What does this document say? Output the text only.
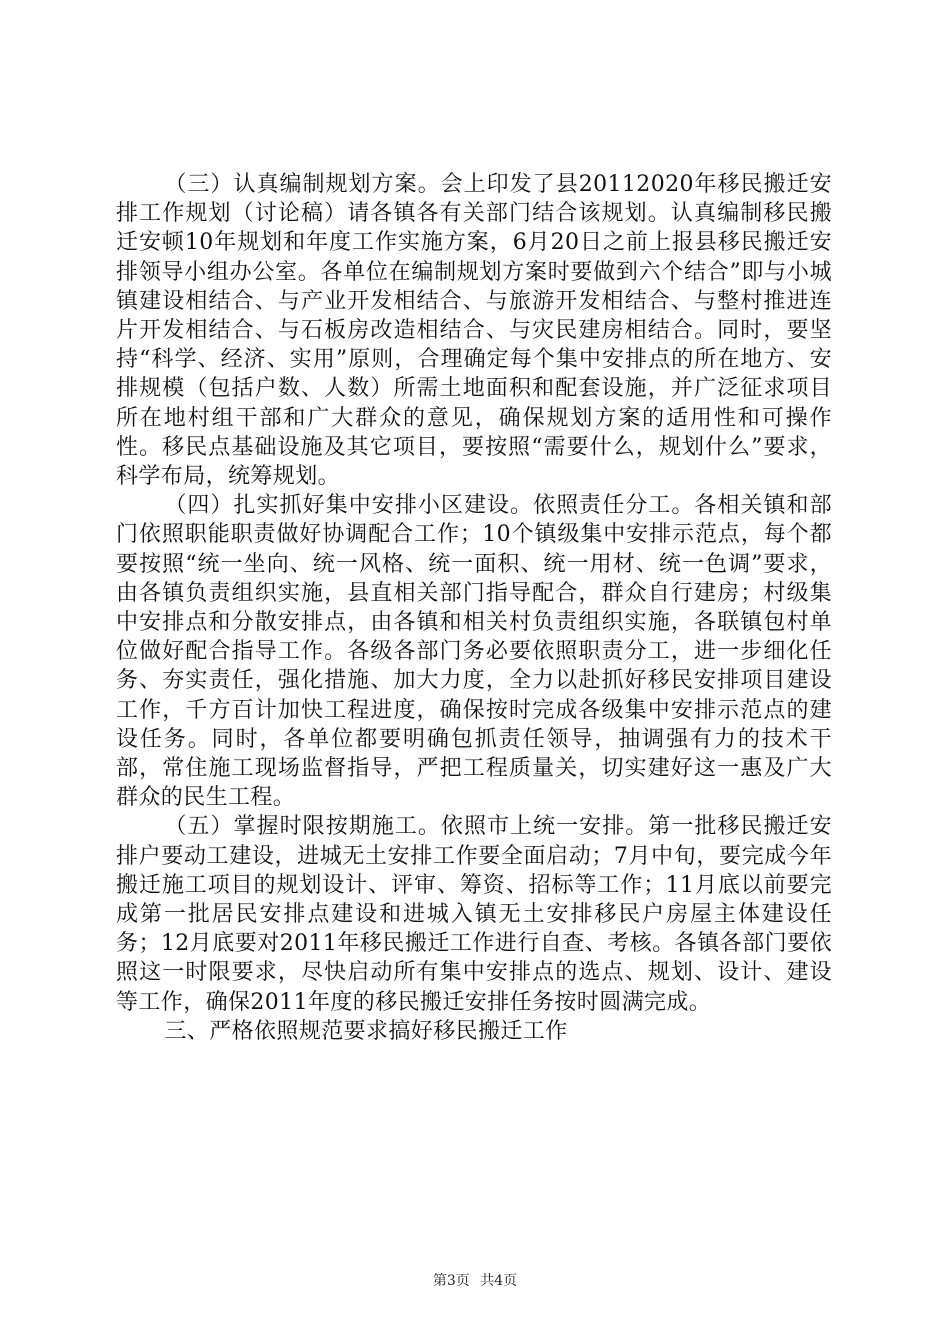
（三）认真编制规划方案。会上印发了县20112020年移民搬迁安排工作规划（讨论稿）请各镇各有关部门结合该规划。认真编制移民搬迁安顿10年规划和年度工作实施方案，6月20日之前上报县移民搬迁安排领导小组办公室。各单位在编制规划方案时要做到六个结合”即与小城镇建设相结合、与产业开发相结合、与旅游开发相结合、与整村推进连片开发相结合、与石板房改造相结合、与灾民建房相结合。同时，要坚持“科学、经济、实用”原则，合理确定每个集中安排点的所在地方、安排规模（包括户数、人数）所需土地面积和配套设施，并广泛征求项目所在地村组干部和广大群众的意见，确保规划方案的适用性和可操作性。移民点基础设施及其它项目，要按照“需要什么，规划什么”要求，科学布局，统筹规划。

（四）扎实抓好集中安排小区建设。依照责任分工。各相关镇和部门依照职能职责做好协调配合工作；10个镇级集中安排示范点，每个都要按照“统一坐向、统一风格、统一面积、统一用材、统一色调”要求，由各镇负责组织实施，县直相关部门指导配合，群众自行建房；村级集中安排点和分散安排点，由各镇和相关村负责组织实施，各联镇包村单位做好配合指导工作。各级各部门务必要依照职责分工，进一步细化任务、夯实责任，强化措施、加大力度，全力以赴抓好移民安排项目建设工作，千方百计加快工程进度，确保按时完成各级集中安排示范点的建设任务。同时，各单位都要明确包抓责任领导，抽调强有力的技术干部，常住施工现场监督指导，严把工程质量关，切实建好这一惠及广大群众的民生工程。

（五）掌握时限按期施工。依照市上统一安排。第一批移民搬迁安排户要动工建设，进城无土安排工作要全面启动；7月中旬，要完成今年搬迁施工项目的规划设计、评审、筹资、招标等工作；11月底以前要完成第一批居民安排点建设和进城入镇无土安排移民户房屋主体建设任务；12月底要对2011年移民搬迁工作进行自查、考核。各镇各部门要依照这一时限要求，尽快启动所有集中安排点的选点、规划、设计、建设等工作，确保2011年度的移民搬迁安排任务按时圆满完成。

三、严格依照规范要求搞好移民搬迁工作

第3页 共4页
